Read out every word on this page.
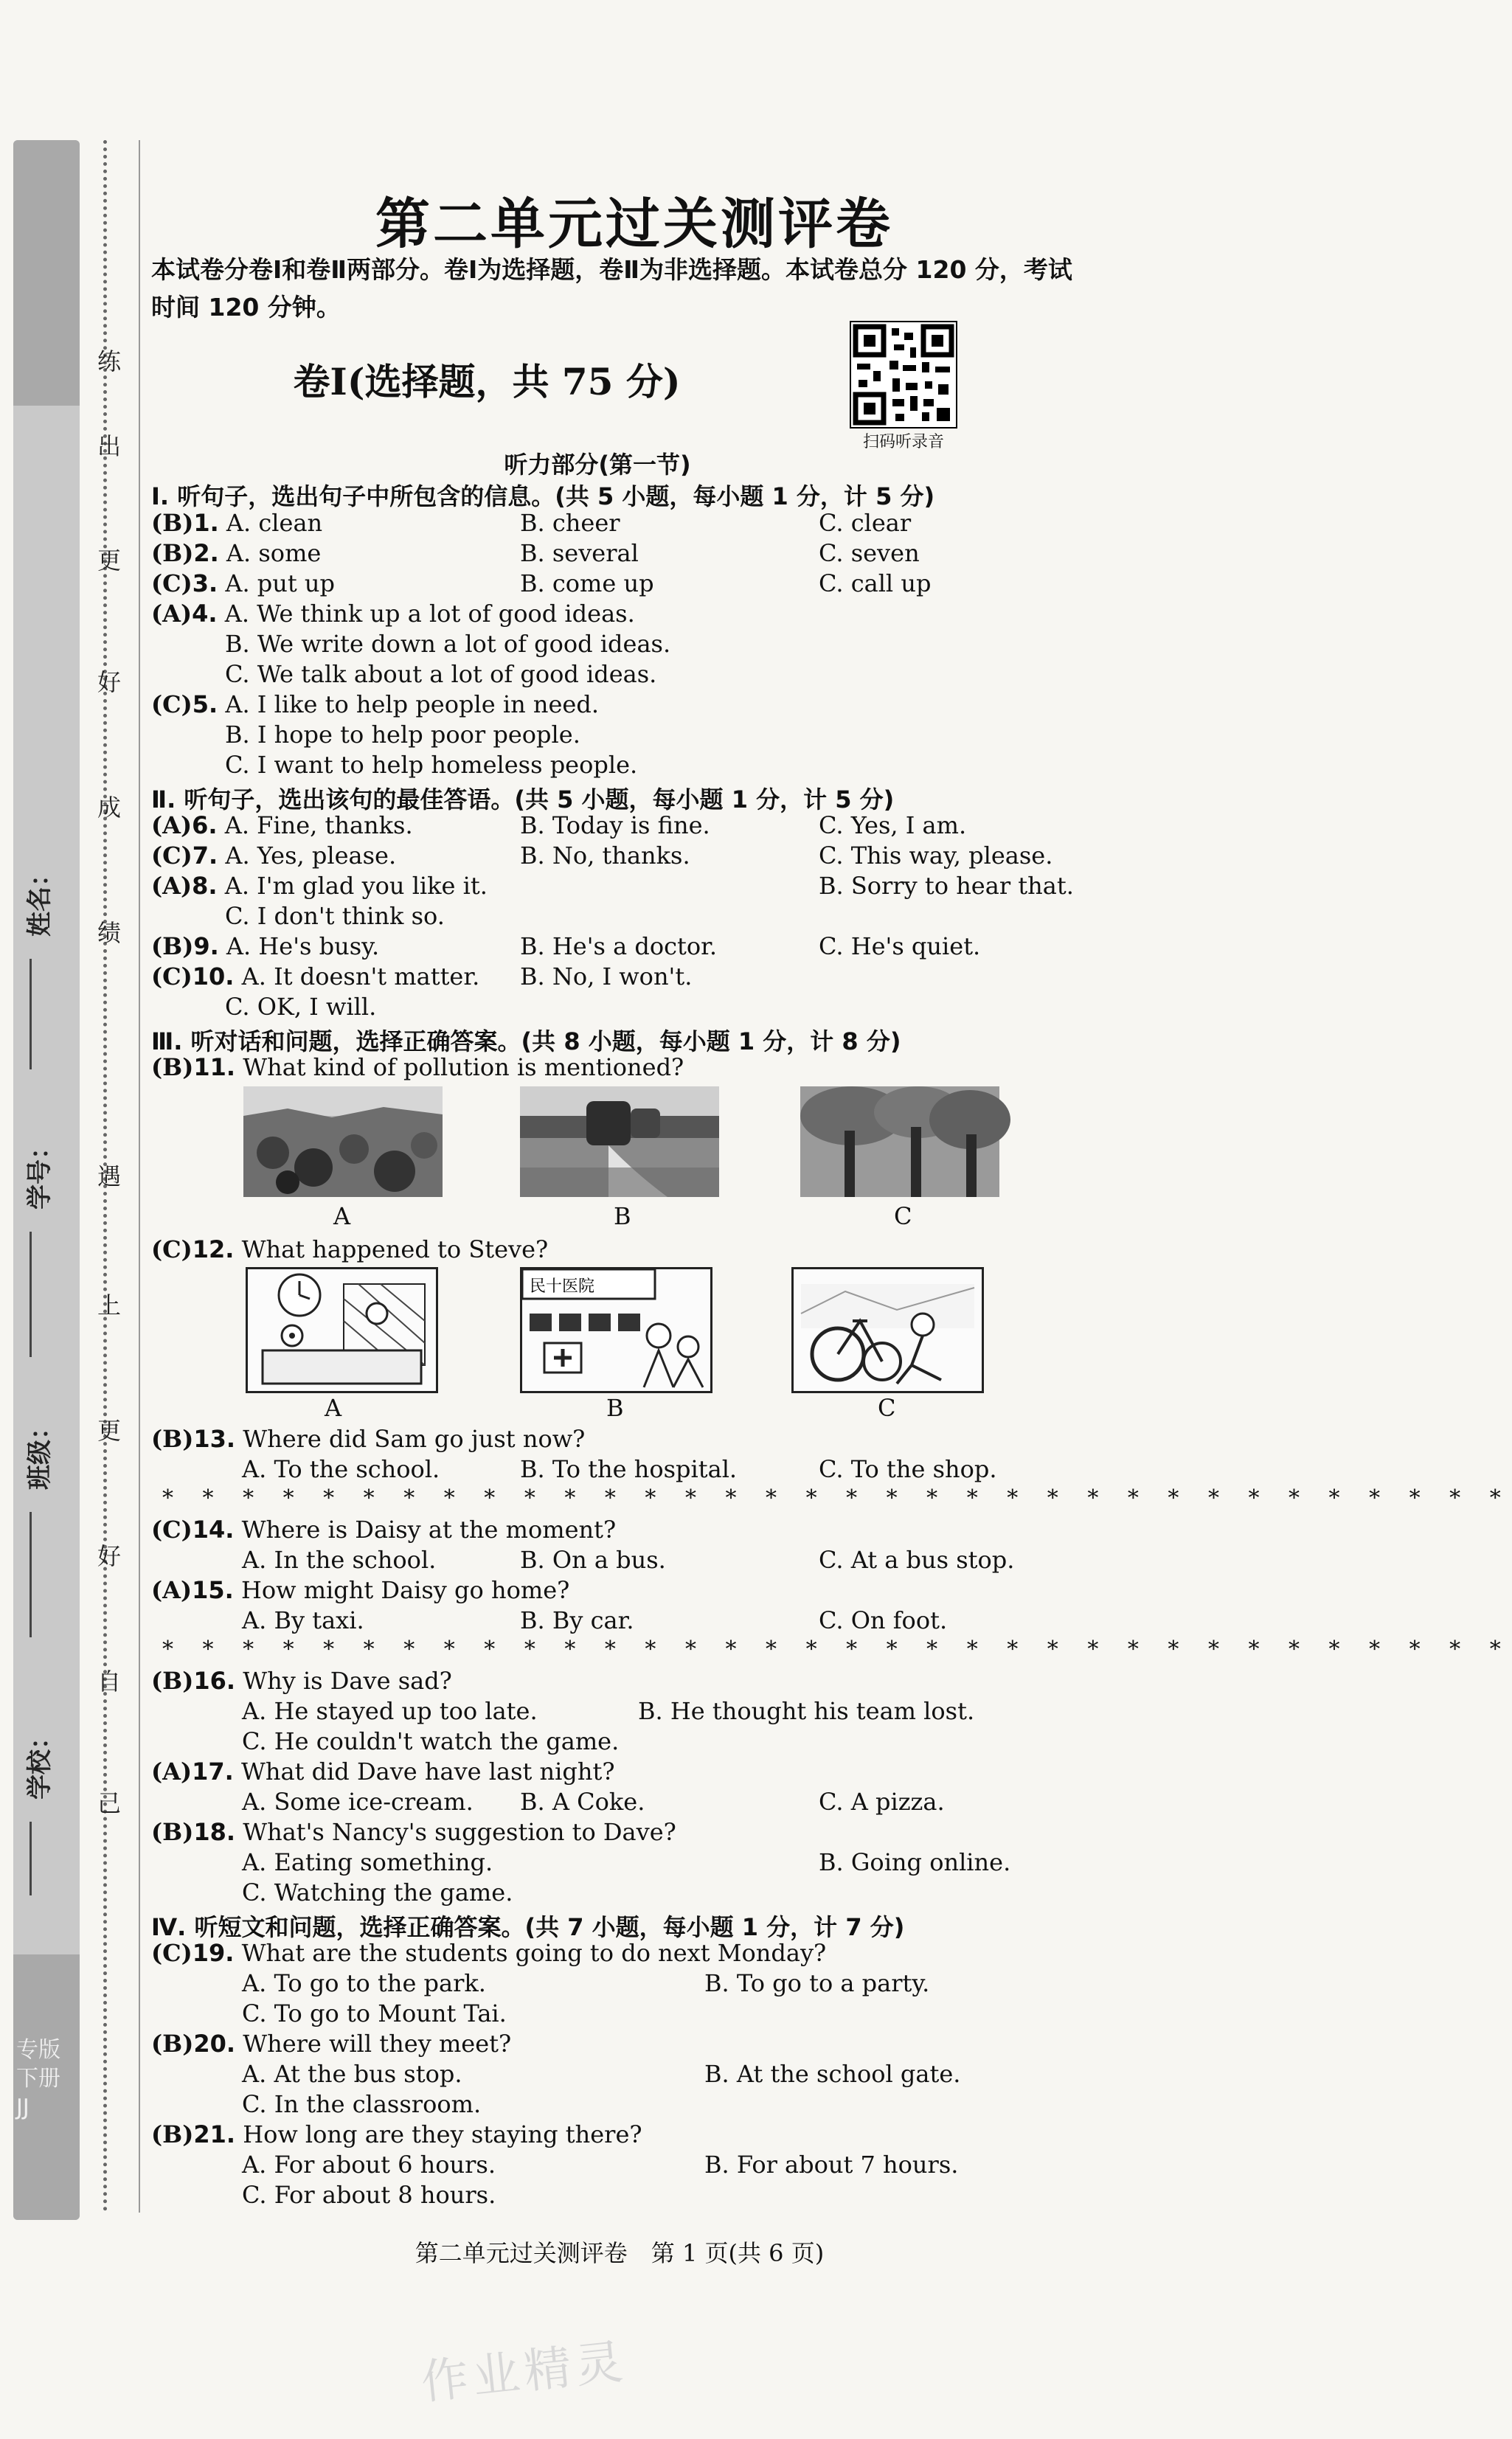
专版
下册
JJ
姓名：
学号：
班级：
学校：
练
出
更
好
成
绩
遇
上
更
好
自
己
第二单元过关测评卷
本试卷分卷Ⅰ和卷Ⅱ两部分。卷Ⅰ为选择题，卷Ⅱ为非选择题。本试卷总分 120 分，考试时间 120 分钟。
卷Ⅰ(选择题，共 75 分)
扫码听录音
听力部分(第一节)
Ⅰ. 听句子，选出句子中所包含的信息。(共 5 小题，每小题 1 分，计 5 分)
(B)1. A. clean	B. cheer	C. clear
(B)2. A. some	B. several	C. seven
(C)3. A. put up	B. come up	C. call up
(A)4. A. We think up a lot of good ideas.
B. We write down a lot of good ideas.
C. We talk about a lot of good ideas.
(C)5. A. I like to help people in need.
B. I hope to help poor people.
C. I want to help homeless people.
Ⅱ. 听句子，选出该句的最佳答语。(共 5 小题，每小题 1 分，计 5 分)
(A)6. A. Fine, thanks.	B. Today is fine.	C. Yes, I am.
(C)7. A. Yes, please.	B. No, thanks.	C. This way, please.
(A)8. A. I'm glad you like it.	B. Sorry to hear that.
C. I don't think so.
(B)9. A. He's busy.	B. He's a doctor.	C. He's quiet.
(C)10. A. It doesn't matter. B. No, I won't.
C. OK, I will.
Ⅲ. 听对话和问题，选择正确答案。(共 8 小题，每小题 1 分，计 8 分)
(B)11. What kind of pollution is mentioned?
A	B	C
(C)12. What happened to Steve?
民十医院
A	B	C
(B)13. Where did Sam go just now?
A. To the school.	B. To the hospital.	C. To the shop.
* * * * * * * * * * * * * * * * * * * * * * * * * * * * * * * * * *
(C)14. Where is Daisy at the moment?
A. In the school.	B. On a bus.	C. At a bus stop.
(A)15. How might Daisy go home?
A. By taxi.	B. By car.	C. On foot.
* * * * * * * * * * * * * * * * * * * * * * * * * * * * * * * * * *
(B)16. Why is Dave sad?
A. He stayed up too late.	B. He thought his team lost.
C. He couldn't watch the game.
(A)17. What did Dave have last night?
A. Some ice-cream. B. A Coke.	C. A pizza.
(B)18. What's Nancy's suggestion to Dave?
A. Eating something.	B. Going online.
C. Watching the game.
Ⅳ. 听短文和问题，选择正确答案。(共 7 小题，每小题 1 分，计 7 分)
(C)19. What are the students going to do next Monday?
A. To go to the park.	B. To go to a party.
C. To go to Mount Tai.
(B)20. Where will they meet?
A. At the bus stop.	B. At the school gate.
C. In the classroom.
(B)21. How long are they staying there?
A. For about 6 hours.	B. For about 7 hours.
C. For about 8 hours.
第二单元过关测评卷　第 1 页(共 6 页)
作业精灵
